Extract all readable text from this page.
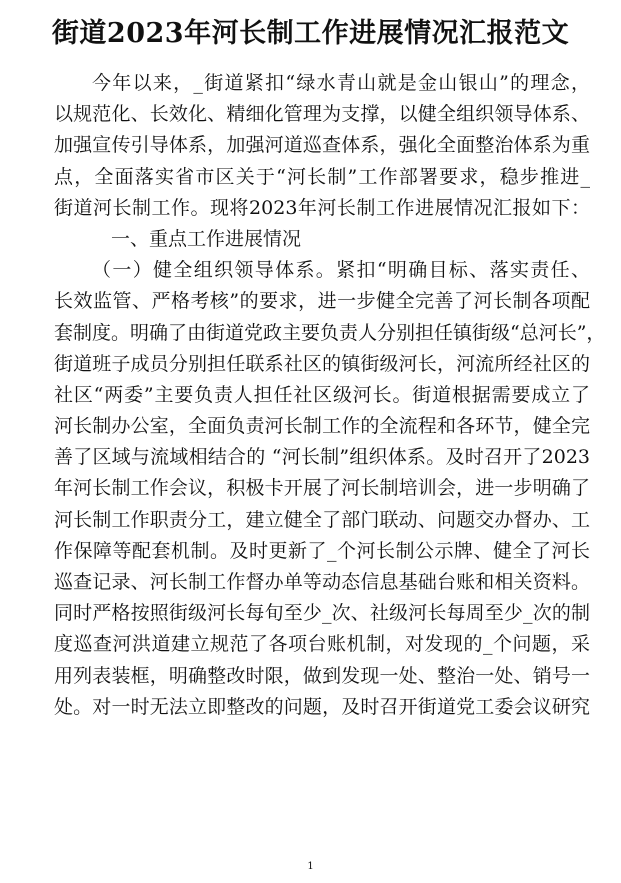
街道2023年河长制工作进展情况汇报范文
今年以来，_街道紧扣“绿水青山就是金山银山”的理念，
以规范化、长效化、精细化管理为支撑，以健全组织领导体系、
加强宣传引导体系，加强河道巡查体系，强化全面整治体系为重
点，全面落实省市区关于“河长制”工作部署要求，稳步推进_
街道河长制工作。现将2023年河长制工作进展情况汇报如下：
一、重点工作进展情况
（一）健全组织领导体系。紧扣“明确目标、落实责任、
长效监管、严格考核”的要求，进一步健全完善了河长制各项配
套制度。明确了由街道党政主要负责人分别担任镇街级“总河长”，
街道班子成员分别担任联系社区的镇街级河长，河流所经社区的
社区“两委”主要负责人担任社区级河长。街道根据需要成立了
河长制办公室，全面负责河长制工作的全流程和各环节，健全完
善了区域与流域相结合的 “河长制”组织体系。及时召开了2023
年河长制工作会议，积极卡开展了河长制培训会，进一步明确了
河长制工作职责分工，建立健全了部门联动、问题交办督办、工
作保障等配套机制。及时更新了_个河长制公示牌、健全了河长
巡查记录、河长制工作督办单等动态信息基础台账和相关资料。
同时严格按照街级河长每旬至少_次、社级河长每周至少_次的制
度巡查河洪道建立规范了各项台账机制，对发现的_个问题，采
用列表装框，明确整改时限，做到发现一处、整治一处、销号一
处。对一时无法立即整改的问题，及时召开街道党工委会议研究
1
